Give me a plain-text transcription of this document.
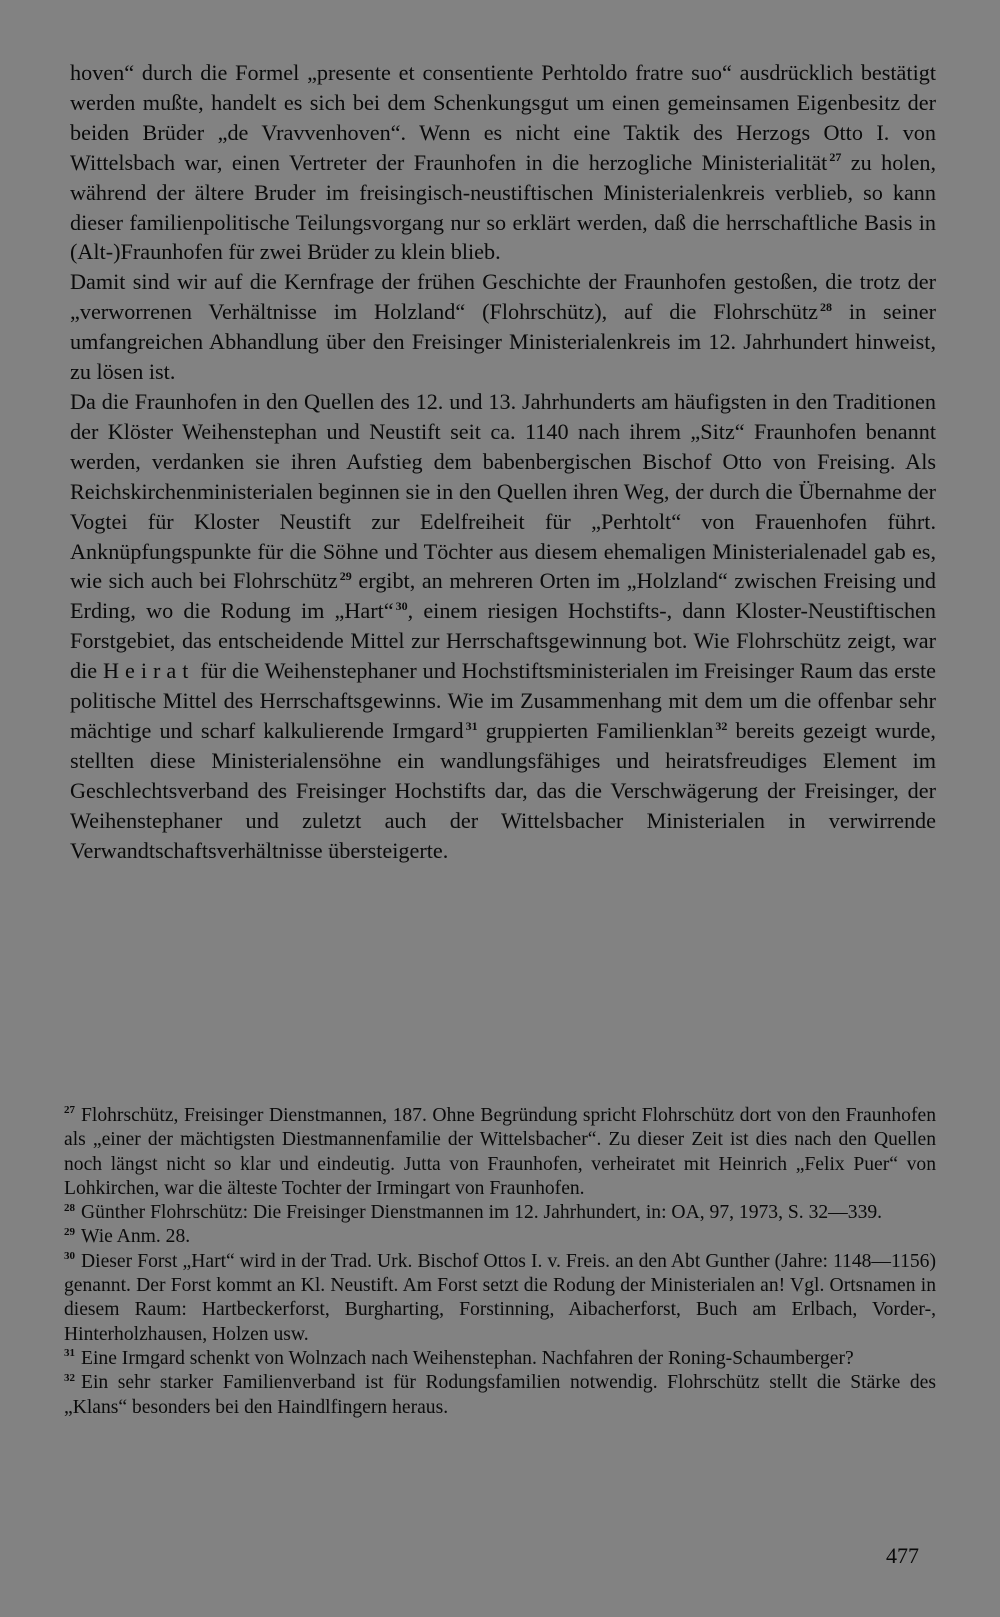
hoven“ durch die Formel „presente et consentiente Perhtoldo fratre suo“ ausdrücklich bestätigt werden mußte, handelt es sich bei dem Schenkungsgut um einen gemeinsamen Eigenbesitz der beiden Brüder „de Vravvenhoven“. Wenn es nicht eine Taktik des Herzogs Otto I. von Wittelsbach war, einen Vertreter der Fraunhofen in die herzogliche Ministerialität $^{27}$ zu holen, während der ältere Bruder im freisingisch-neustiftischen Ministerialenkreis verblieb, so kann dieser familienpolitische Teilungsvorgang nur so erklärt werden, daß die herrschaftliche Basis in (Alt-)Fraunhofen für zwei Brüder zu klein blieb.

Damit sind wir auf die Kernfrage der frühen Geschichte der Fraunhofen gestoßen, die trotz der „verworrenen Verhältnisse im Holzland“ (Flohrschütz), auf die Flohrschütz $^{28}$ in seiner umfangreichen Abhandlung über den Freisinger Ministerialenkreis im 12. Jahrhundert hinweist, zu lösen ist.

Da die Fraunhofen in den Quellen des 12. und 13. Jahrhunderts am häufigsten in den Traditionen der Klöster Weihenstephan und Neustift seit ca. 1140 nach ihrem „Sitz“ Fraunhofen benannt werden, verdanken sie ihren Aufstieg dem babenbergischen Bischof Otto von Freising. Als Reichskirchenministerialen beginnen sie in den Quellen ihren Weg, der durch die Übernahme der Vogtei für Kloster Neustift zur Edelfreiheit für „Perhtolt“ von Frauenhofen führt. Anknüpfungspunkte für die Söhne und Töchter aus diesem ehemaligen Ministerialenadel gab es, wie sich auch bei Flohrschütz $^{29}$ ergibt, an mehreren Orten im „Holzland“ zwischen Freising und Erding, wo die Rodung im „Hart“ $^{30}$, einem riesigen Hochstifts-, dann Kloster-Neustiftischen Forstgebiet, das entscheidende Mittel zur Herrschaftsgewinnung bot. Wie Flohrschütz zeigt, war die Heirat für die Weihenstephaner und Hochstiftsministerialen im Freisinger Raum das erste politische Mittel des Herrschaftsgewinns. Wie im Zusammenhang mit dem um die offenbar sehr mächtige und scharf kalkulierende Irmgard $^{31}$ gruppierten Familienklan $^{32}$ bereits gezeigt wurde, stellten diese Ministerialensöhne ein wandlungsfähiges und heiratsfreudiges Element im Geschlechtsverband des Freisinger Hochstifts dar, das die Verschwägerung der Freisinger, der Weihenstephaner und zuletzt auch der Wittelsbacher Ministerialen in verwirrende Verwandtschaftsverhältnisse übersteigerte.

$^{27}$ Flohrschütz, Freisinger Dienstmannen, 187. Ohne Begründung spricht Flohrschütz dort von den Fraunhofen als „einer der mächtigsten Diestmannenfamilie der Wittelsbacher“. Zu dieser Zeit ist dies nach den Quellen noch längst nicht so klar und eindeutig. Jutta von Fraunhofen, verheiratet mit Heinrich „Felix Puer“ von Lohkirchen, war die älteste Tochter der Irmingart von Fraunhofen.

$^{28}$ Günther Flohrschütz: Die Freisinger Dienstmannen im 12. Jahrhundert, in: OA, 97, 1973, S. 32—339.

$^{29}$ Wie Anm. 28.

$^{30}$ Dieser Forst „Hart“ wird in der Trad. Urk. Bischof Ottos I. v. Freis. an den Abt Gunther (Jahre: 1148—1156) genannt. Der Forst kommt an Kl. Neustift. Am Forst setzt die Rodung der Ministerialen an! Vgl. Ortsnamen in diesem Raum: Hartbeckerforst, Burgharting, Forstinning, Aibacherforst, Buch am Erlbach, Vorder-, Hinterholzhausen, Holzen usw.

$^{31}$ Eine Irmgard schenkt von Wolnzach nach Weihenstephan. Nachfahren der Roning-Schaumberger?

$^{32}$ Ein sehr starker Familienverband ist für Rodungsfamilien notwendig. Flohrschütz stellt die Stärke des „Klans“ besonders bei den Haindlfingern heraus.

477
